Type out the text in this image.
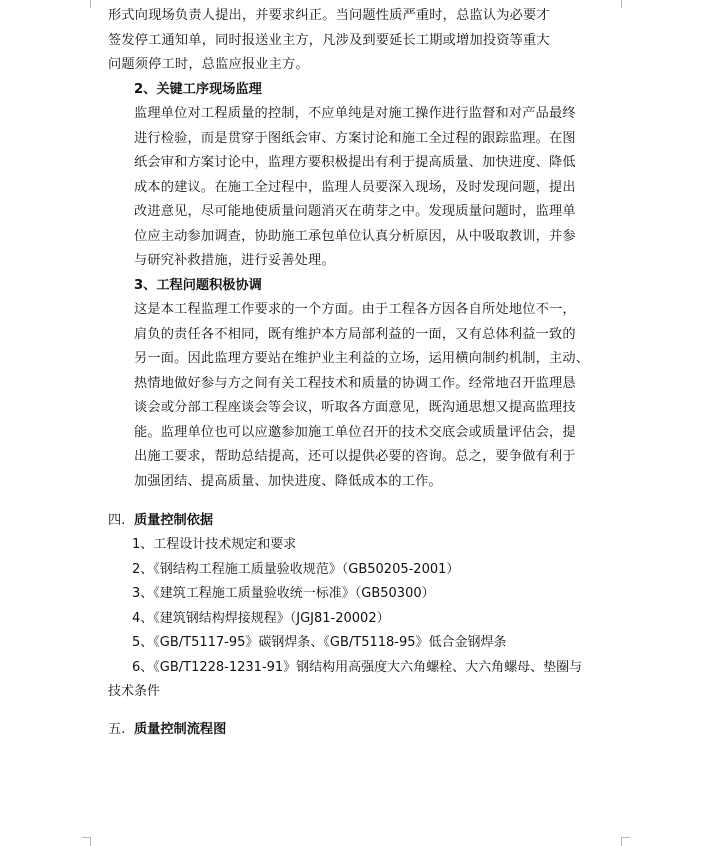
形式向现场负责人提出，并要求纠正。当问题性质严重时，总监认为必要才
签发停工通知单，同时报送业主方，凡涉及到要延长工期或增加投资等重大
问题须停工时，总监应报业主方。
2、关键工序现场监理
监理单位对工程质量的控制，不应单纯是对施工操作进行监督和对产品最终
进行检验，而是贯穿于图纸会审、方案讨论和施工全过程的跟踪监理。在图
纸会审和方案讨论中，监理方要积极提出有利于提高质量、加快进度、降低
成本的建议。在施工全过程中，监理人员要深入现场，及时发现问题，提出
改进意见，尽可能地使质量问题消灭在萌芽之中。发现质量问题时，监理单
位应主动参加调查，协助施工承包单位认真分析原因，从中吸取教训，并参
与研究补救措施，进行妥善处理。
3、工程问题积极协调
这是本工程监理工作要求的一个方面。由于工程各方因各自所处地位不一，
肩负的责任各不相同，既有维护本方局部利益的一面，又有总体利益一致的
另一面。因此监理方要站在维护业主利益的立场，运用横向制约机制，主动、
热情地做好参与方之间有关工程技术和质量的协调工作。经常地召开监理恳
谈会或分部工程座谈会等会议，听取各方面意见，既沟通思想又提高监理技
能。监理单位也可以应邀参加施工单位召开的技术交底会或质量评估会，提
出施工要求，帮助总结提高，还可以提供必要的咨询。总之，要争做有利于
加强团结、提高质量、加快进度、降低成本的工作。
四. 质量控制依据
1、工程设计技术规定和要求
2、《钢结构工程施工质量验收规范》（GB50205-2001）
3、《建筑工程施工质量验收统一标准》（GB50300）
4、《建筑钢结构焊接规程》（JGJ81-20002）
5、《GB/T5117-95》碳钢焊条、《GB/T5118-95》低合金钢焊条
6、《GB/T1228-1231-91》钢结构用高强度大六角螺栓、大六角螺母、垫圈与
技术条件
五. 质量控制流程图
